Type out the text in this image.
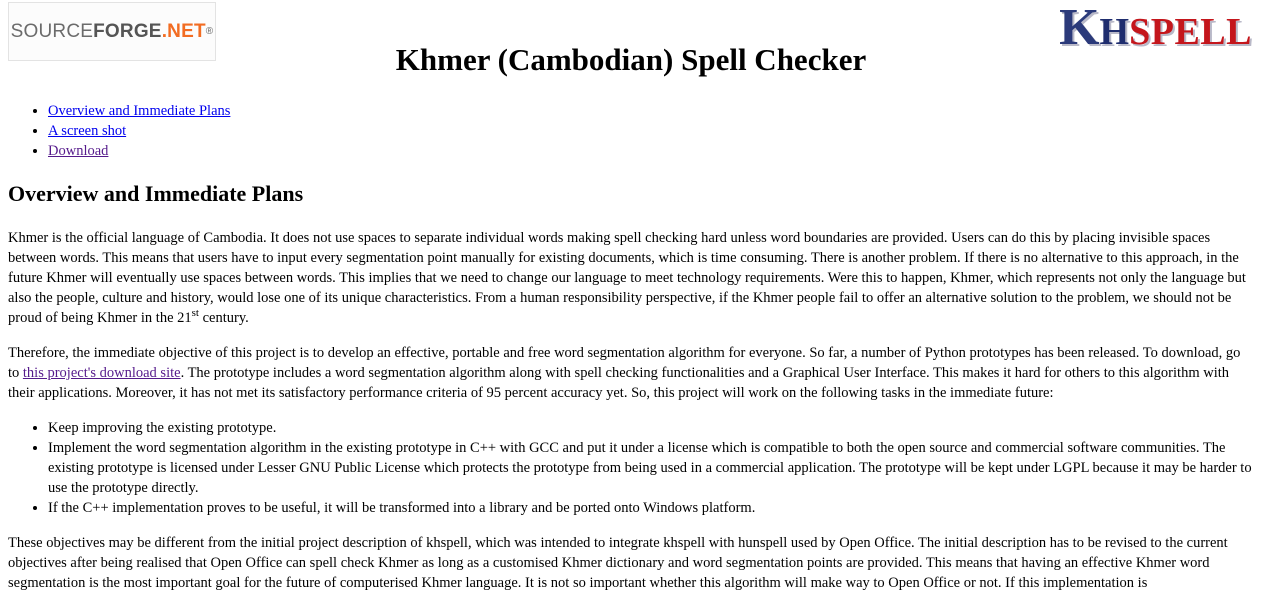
SOURCE FORGE .NET ®	K H SPELL
Khmer (Cambodian) Spell Checker
• Overview and Immediate Plans
• A screen shot
• Download
Overview and Immediate Plans

Khmer is the official language of Cambodia. It does not use spaces to separate individual words making spell checking hard unless word boundaries are provided. Users can do this by placing invisible spaces between words. This means that users have to input every segmentation point manually for existing documents, which is time consuming. There is another problem. If there is no alternative to this approach, in the future Khmer will eventually use spaces between words. This implies that we need to change our language to meet technology requirements. Were this to happen, Khmer, which represents not only the language but also the people, culture and history, would lose one of its unique characteristics. From a human responsibility perspective, if the Khmer people fail to offer an alternative solution to the problem, we should not be proud of being Khmer in the 21st century.

Therefore, the immediate objective of this project is to develop an effective, portable and free word segmentation algorithm for everyone. So far, a number of Python prototypes has been released. To download, go to this project's download site. The prototype includes a word segmentation algorithm along with spell checking functionalities and a Graphical User Interface. This makes it hard for others to this algorithm with their applications. Moreover, it has not met its satisfactory performance criteria of 95 percent accuracy yet. So, this project will work on the following tasks in the immediate future:

• Keep improving the existing prototype.
• Implement the word segmentation algorithm in the existing prototype in C++ with GCC and put it under a license which is compatible to both the open source and commercial software communities. The existing prototype is licensed under Lesser GNU Public License which protects the prototype from being used in a commercial application. The prototype will be kept under LGPL because it may be harder to use the prototype directly.
• If the C++ implementation proves to be useful, it will be transformed into a library and be ported onto Windows platform.

These objectives may be different from the initial project description of khspell, which was intended to integrate khspell with hunspell used by Open Office. The initial description has to be revised to the current objectives after being realised that Open Office can spell check Khmer as long as a customised Khmer dictionary and word segmentation points are provided. This means that having an effective Khmer word segmentation is the most important goal for the future of computerised Khmer language. It is not so important whether this algorithm will make way to Open Office or not. If this implementation is
